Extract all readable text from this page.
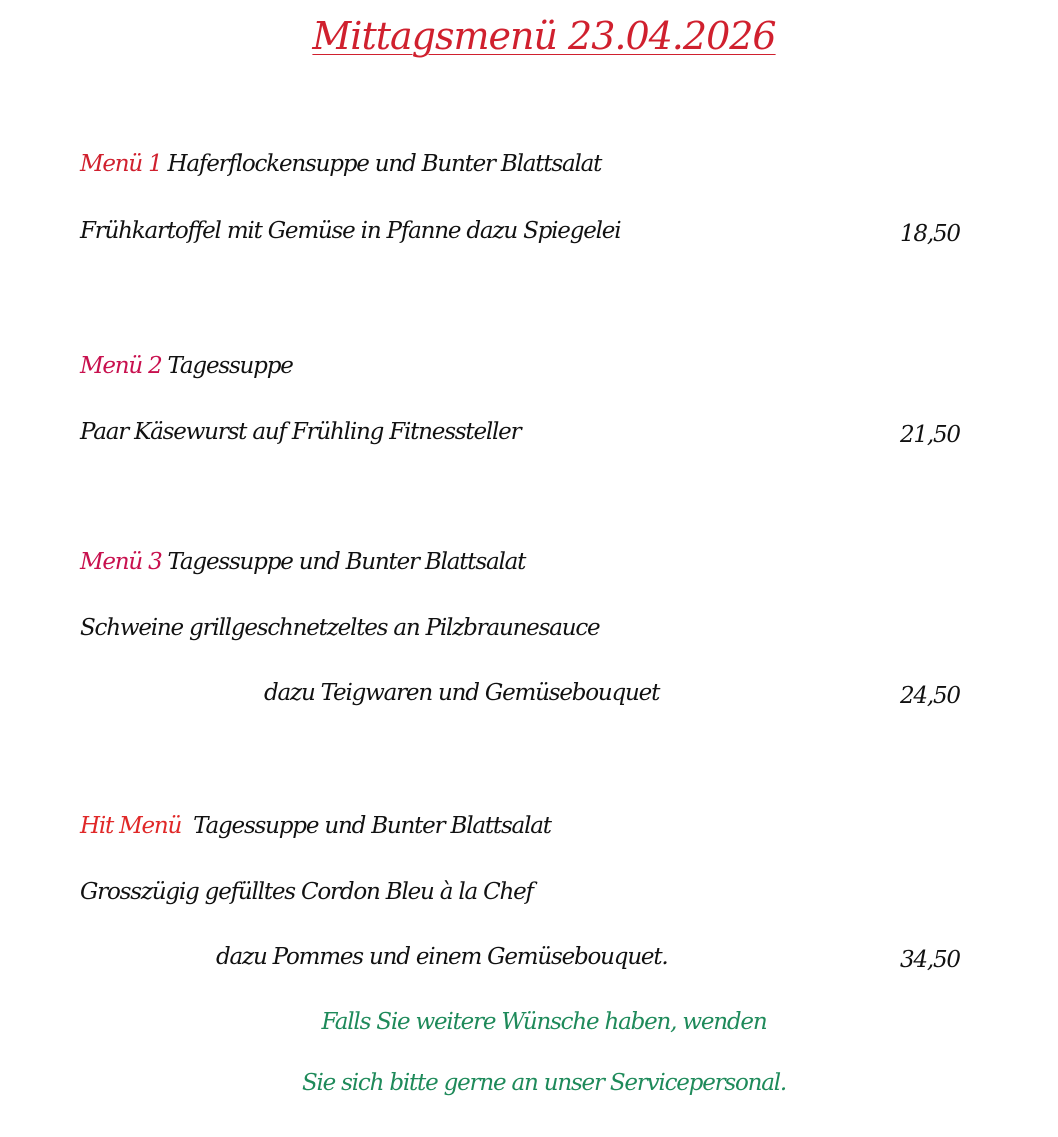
Mittagsmenü 23.04.2026
Menü 1 Haferflockensuppe und Bunter Blattsalat
Frühkartoffel mit Gemüse in Pfanne dazu Spiegelei	18,50
Menü 2 Tagessuppe
Paar Käsewurst auf Frühling Fitnessteller	21,50
Menü 3 Tagessuppe und Bunter Blattsalat
Schweine grillgeschnetzeltes an Pilzbraunesauce
dazu Teigwaren und Gemüsebouquet	24,50
Hit Menü Tagessuppe und Bunter Blattsalat
Grosszügig gefülltes Cordon Bleu à la Chef
dazu Pommes und einem Gemüsebouquet.	34,50
Falls Sie weitere Wünsche haben, wenden
Sie sich bitte gerne an unser Servicepersonal.
